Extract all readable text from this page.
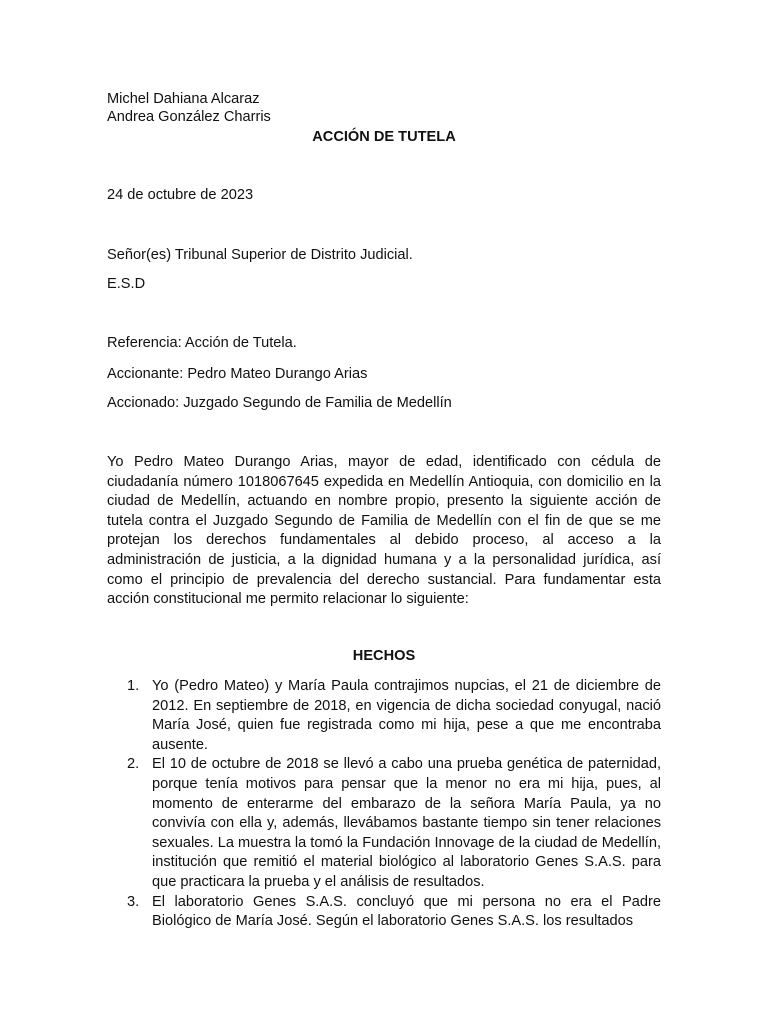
Michel Dahiana Alcaraz
Andrea González Charris
ACCIÓN DE TUTELA
24 de octubre de 2023
Señor(es) Tribunal Superior de Distrito Judicial.
E.S.D
Referencia: Acción de Tutela.
Accionante: Pedro Mateo Durango Arias
Accionado: Juzgado Segundo de Familia de Medellín

Yo Pedro Mateo Durango Arias, mayor de edad, identificado con cédula de ciudadanía número 1018067645 expedida en Medellín Antioquia, con domicilio en la ciudad de Medellín, actuando en nombre propio, presento la siguiente acción de tutela contra el Juzgado Segundo de Familia de Medellín con el fin de que se me protejan los derechos fundamentales al debido proceso, al acceso a la administración de justicia, a la dignidad humana y a la personalidad jurídica, así como el principio de prevalencia del derecho sustancial. Para fundamentar esta acción constitucional me permito relacionar lo siguiente:

HECHOS
1. Yo (Pedro Mateo) y María Paula contrajimos nupcias, el 21 de diciembre de 2012. En septiembre de 2018, en vigencia de dicha sociedad conyugal, nació María José, quien fue registrada como mi hija, pese a que me encontraba ausente.
2. El 10 de octubre de 2018 se llevó a cabo una prueba genética de paternidad, porque tenía motivos para pensar que la menor no era mi hija, pues, al momento de enterarme del embarazo de la señora María Paula, ya no convivía con ella y, además, llevábamos bastante tiempo sin tener relaciones sexuales. La muestra la tomó la Fundación Innovage de la ciudad de Medellín, institución que remitió el material biológico al laboratorio Genes S.A.S. para que practicara la prueba y el análisis de resultados.
3. El laboratorio Genes S.A.S. concluyó que mi persona no era el Padre Biológico de María José. Según el laboratorio Genes S.A.S. los resultados
